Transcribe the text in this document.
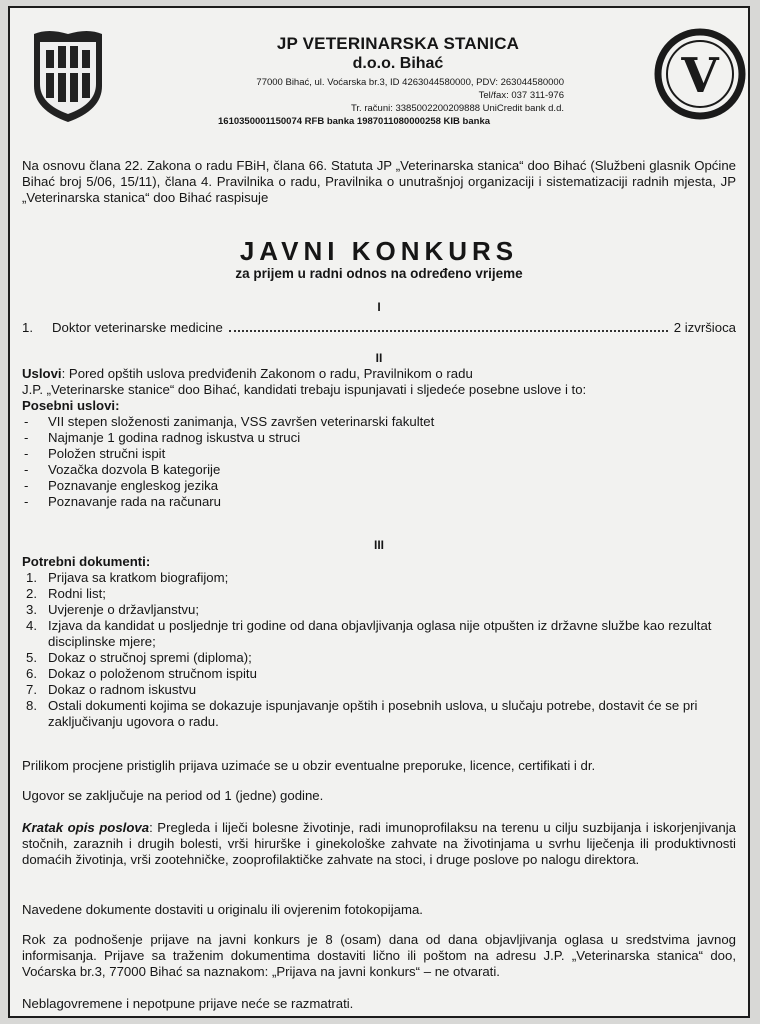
JP VETERINARSKA STANICA
d.o.o. Bihać
77000 Bihać, ul. Voćarska br.3, ID 4263044580000, PDV: 263044580000
Tel/fax: 037 311-976
Tr. računi: 3385002200209888 UniCredit bank d.d.
1610350001150074 RFB banka 1987011080000258 KIB banka
V
Na osnovu člana 22. Zakona o radu FBiH, člana 66. Statuta JP „Veterinarska stanica“ doo Bihać (Službeni glasnik Općine Bihać broj 5/06, 15/11), člana 4. Pravilnika o radu, Pravilnika o unutrašnjoj organizaciji i sistematizaciji radnih mjesta, JP „Veterinarska stanica“ doo Bihać raspisuje
JAVNI KONKURS
za prijem u radni odnos na određeno vrijeme
I
1.	Doktor veterinarske medicine	2 izvršioca
II
Uslovi: Pored opštih uslova predviđenih Zakonom o radu, Pravilnikom o radu
J.P. „Veterinarske stanice“ doo Bihać, kandidati trebaju ispunjavati i sljedeće posebne uslove i to:
Posebni uslovi:
- VII stepen složenosti zanimanja, VSS završen veterinarski fakultet
- Najmanje 1 godina radnog iskustva u struci
- Položen stručni ispit
- Vozačka dozvola B kategorije
- Poznavanje engleskog jezika
- Poznavanje rada na računaru
III
Potrebni dokumenti:
1. Prijava sa kratkom biografijom;
2. Rodni list;
3. Uvjerenje o državljanstvu;
4. Izjava da kandidat u posljednje tri godine od dana objavljivanja oglasa nije otpušten iz državne službe kao rezultat disciplinske mjere;
5. Dokaz o stručnoj spremi (diploma);
6. Dokaz o položenom stručnom ispitu
7. Dokaz o radnom iskustvu
8. Ostali dokumenti kojima se dokazuje ispunjavanje opštih i posebnih uslova, u slučaju potrebe, dostavit će se pri zaključivanju ugovora o radu.
Prilikom procjene pristiglih prijava uzimaće se u obzir eventualne preporuke, licence, certifikati i dr.
Ugovor se zaključuje na period od 1 (jedne) godine.
Kratak opis poslova: Pregleda i liječi bolesne životinje, radi imunoprofilaksu na terenu u cilju suzbijanja i iskorjenjivanja stočnih, zaraznih i drugih bolesti, vrši hirurške i ginekološke zahvate na životinjama u svrhu liječenja ili produktivnosti domaćih životinja, vrši zootehničke, zooprofilaktičke zahvate na stoci, i druge poslove po nalogu direktora.
Navedene dokumente dostaviti u originalu ili ovjerenim fotokopijama.
Rok za podnošenje prijave na javni konkurs je 8 (osam) dana od dana objavljivanja oglasa u sredstvima javnog informisanja. Prijave sa traženim dokumentima dostaviti lično ili poštom na adresu J.P. „Veterinarska stanica“ doo, Voćarska br.3, 77000 Bihać sa naznakom: „Prijava na javni konkurs“ – ne otvarati.
Neblagovremene i nepotpune prijave neće se razmatrati.
